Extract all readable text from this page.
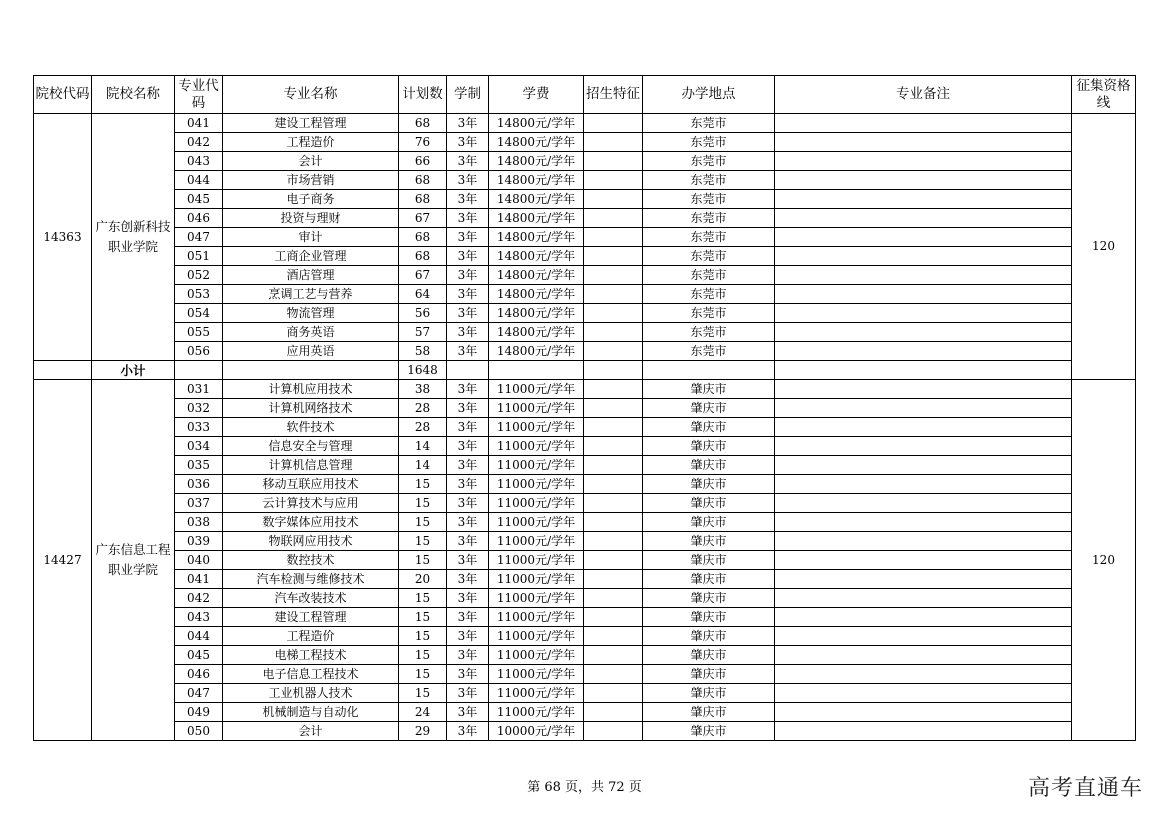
院校代码	院校名称	专业代码	专业名称	计划数	学制	学费	招生特征	办学地点	专业备注	征集资格线
14363	广东创新科技职业学院	041	建设工程管理	68	3年	14800元/学年		东莞市		120
		042	工程造价	76	3年	14800元/学年		东莞市		
		043	会计	66	3年	14800元/学年		东莞市		
		044	市场营销	68	3年	14800元/学年		东莞市		
		045	电子商务	68	3年	14800元/学年		东莞市		
		046	投资与理财	67	3年	14800元/学年		东莞市		
		047	审计	68	3年	14800元/学年		东莞市		
		051	工商企业管理	68	3年	14800元/学年		东莞市		
		052	酒店管理	67	3年	14800元/学年		东莞市		
		053	烹调工艺与营养	64	3年	14800元/学年		东莞市		
		054	物流管理	56	3年	14800元/学年		东莞市		
		055	商务英语	57	3年	14800元/学年		东莞市		
		056	应用英语	58	3年	14800元/学年		东莞市		
	小计			1648						
14427	广东信息工程职业学院	031	计算机应用技术	38	3年	11000元/学年		肇庆市		120
		032	计算机网络技术	28	3年	11000元/学年		肇庆市		
		033	软件技术	28	3年	11000元/学年		肇庆市		
		034	信息安全与管理	14	3年	11000元/学年		肇庆市		
		035	计算机信息管理	14	3年	11000元/学年		肇庆市		
		036	移动互联应用技术	15	3年	11000元/学年		肇庆市		
		037	云计算技术与应用	15	3年	11000元/学年		肇庆市		
		038	数字媒体应用技术	15	3年	11000元/学年		肇庆市		
		039	物联网应用技术	15	3年	11000元/学年		肇庆市		
		040	数控技术	15	3年	11000元/学年		肇庆市		
		041	汽车检测与维修技术	20	3年	11000元/学年		肇庆市		
		042	汽车改装技术	15	3年	11000元/学年		肇庆市		
		043	建设工程管理	15	3年	11000元/学年		肇庆市		
		044	工程造价	15	3年	11000元/学年		肇庆市		
		045	电梯工程技术	15	3年	11000元/学年		肇庆市		
		046	电子信息工程技术	15	3年	11000元/学年		肇庆市		
		047	工业机器人技术	15	3年	11000元/学年		肇庆市		
		049	机械制造与自动化	24	3年	11000元/学年		肇庆市		
		050	会计	29	3年	10000元/学年		肇庆市		
第 68 页，共 72 页	高考直通车
